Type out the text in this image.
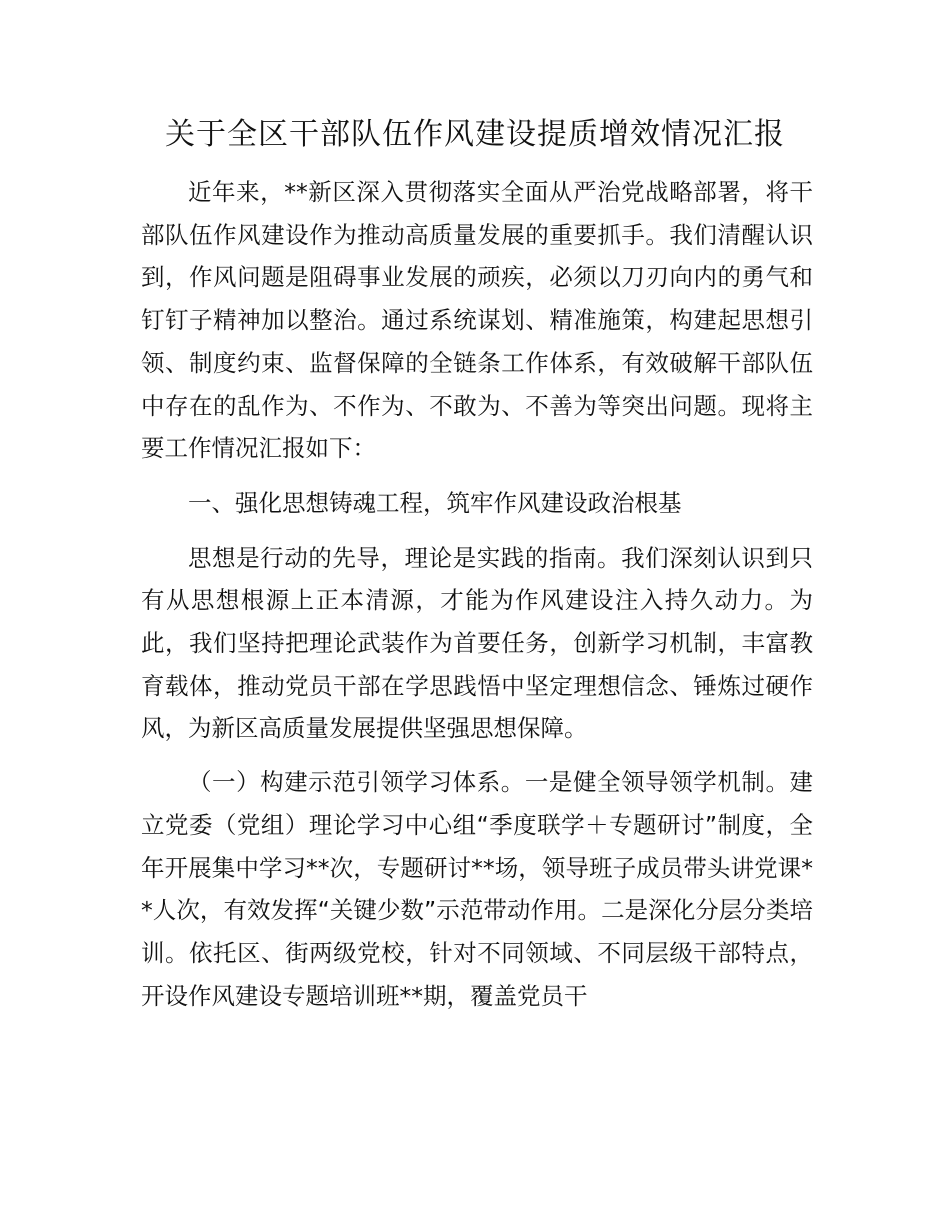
关于全区干部队伍作风建设提质增效情况汇报

近年来，**新区深入贯彻落实全面从严治党战略部署，将干部队伍作风建设作为推动高质量发展的重要抓手。我们清醒认识到，作风问题是阻碍事业发展的顽疾，必须以刀刃向内的勇气和钉钉子精神加以整治。通过系统谋划、精准施策，构建起思想引领、制度约束、监督保障的全链条工作体系，有效破解干部队伍中存在的乱作为、不作为、不敢为、不善为等突出问题。现将主要工作情况汇报如下：

一、强化思想铸魂工程，筑牢作风建设政治根基

思想是行动的先导，理论是实践的指南。我们深刻认识到只有从思想根源上正本清源，才能为作风建设注入持久动力。为此，我们坚持把理论武装作为首要任务，创新学习机制，丰富教育载体，推动党员干部在学思践悟中坚定理想信念、锤炼过硬作风，为新区高质量发展提供坚强思想保障。

（一）构建示范引领学习体系。一是健全领导领学机制。建立党委（党组）理论学习中心组“季度联学＋专题研讨”制度，全年开展集中学习**次，专题研讨**场，领导班子成员带头讲党课**人次，有效发挥“关键少数”示范带动作用。二是深化分层分类培训。依托区、街两级党校，针对不同领域、不同层级干部特点，开设作风建设专题培训班**期，覆盖党员干
